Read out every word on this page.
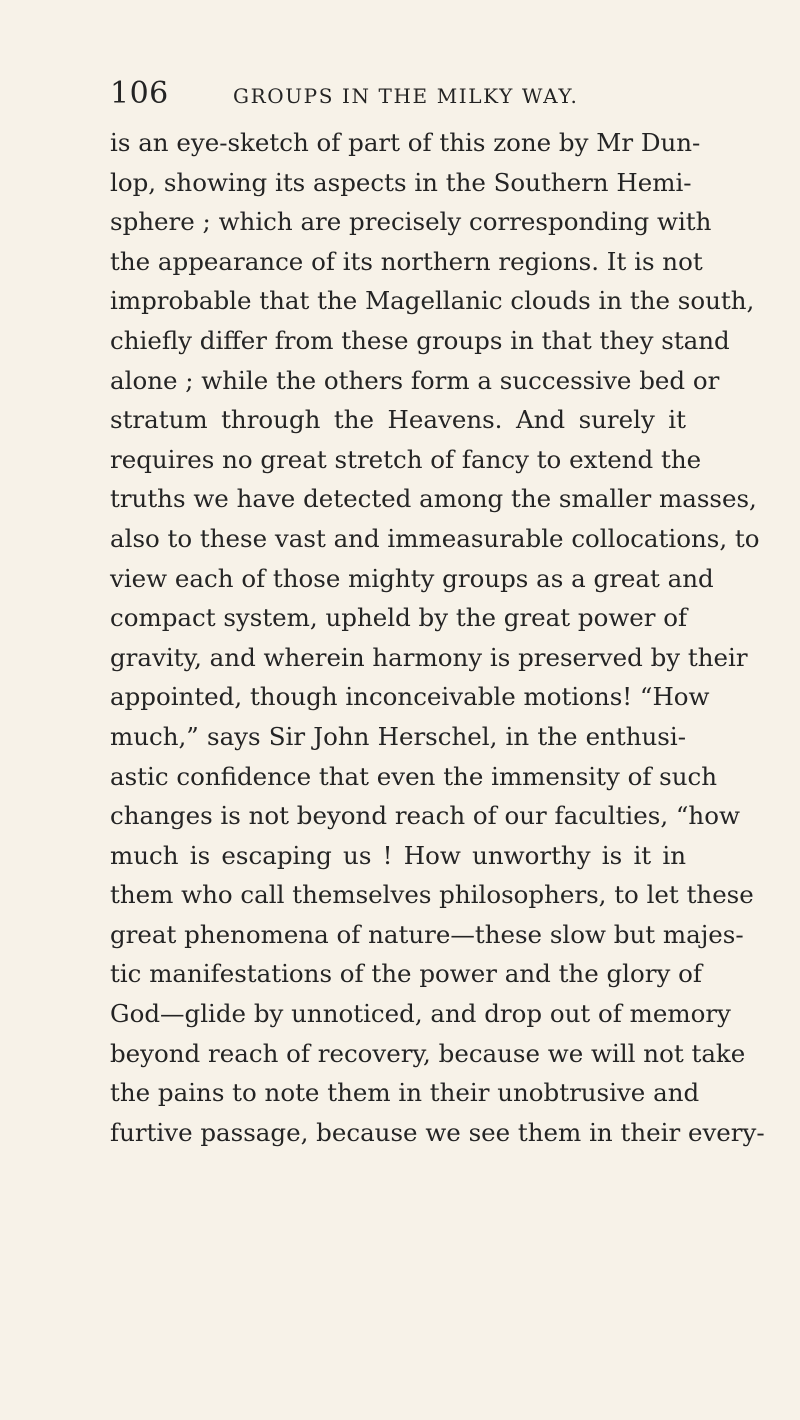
106	GROUPS IN THE MILKY WAY.
is an eye-sketch of part of this zone by Mr Dun-
lop, showing its aspects in the Southern Hemi-
sphere ; which are precisely corresponding with
the appearance of its northern regions. It is not
improbable that the Magellanic clouds in the south,
chiefly differ from these groups in that they stand
alone ; while the others form a successive bed or
stratum through the Heavens. And surely it
requires no great stretch of fancy to extend the
truths we have detected among the smaller masses,
also to these vast and immeasurable collocations, to
view each of those mighty groups as a great and
compact system, upheld by the great power of
gravity, and wherein harmony is preserved by their
appointed, though inconceivable motions! “How
much,” says Sir John Herschel, in the enthusi-
astic confidence that even the immensity of such
changes is not beyond reach of our faculties, “how
much is escaping us ! How unworthy is it in
them who call themselves philosophers, to let these
great phenomena of nature—these slow but majes-
tic manifestations of the power and the glory of
God—glide by unnoticed, and drop out of memory
beyond reach of recovery, because we will not take
the pains to note them in their unobtrusive and
furtive passage, because we see them in their every-
